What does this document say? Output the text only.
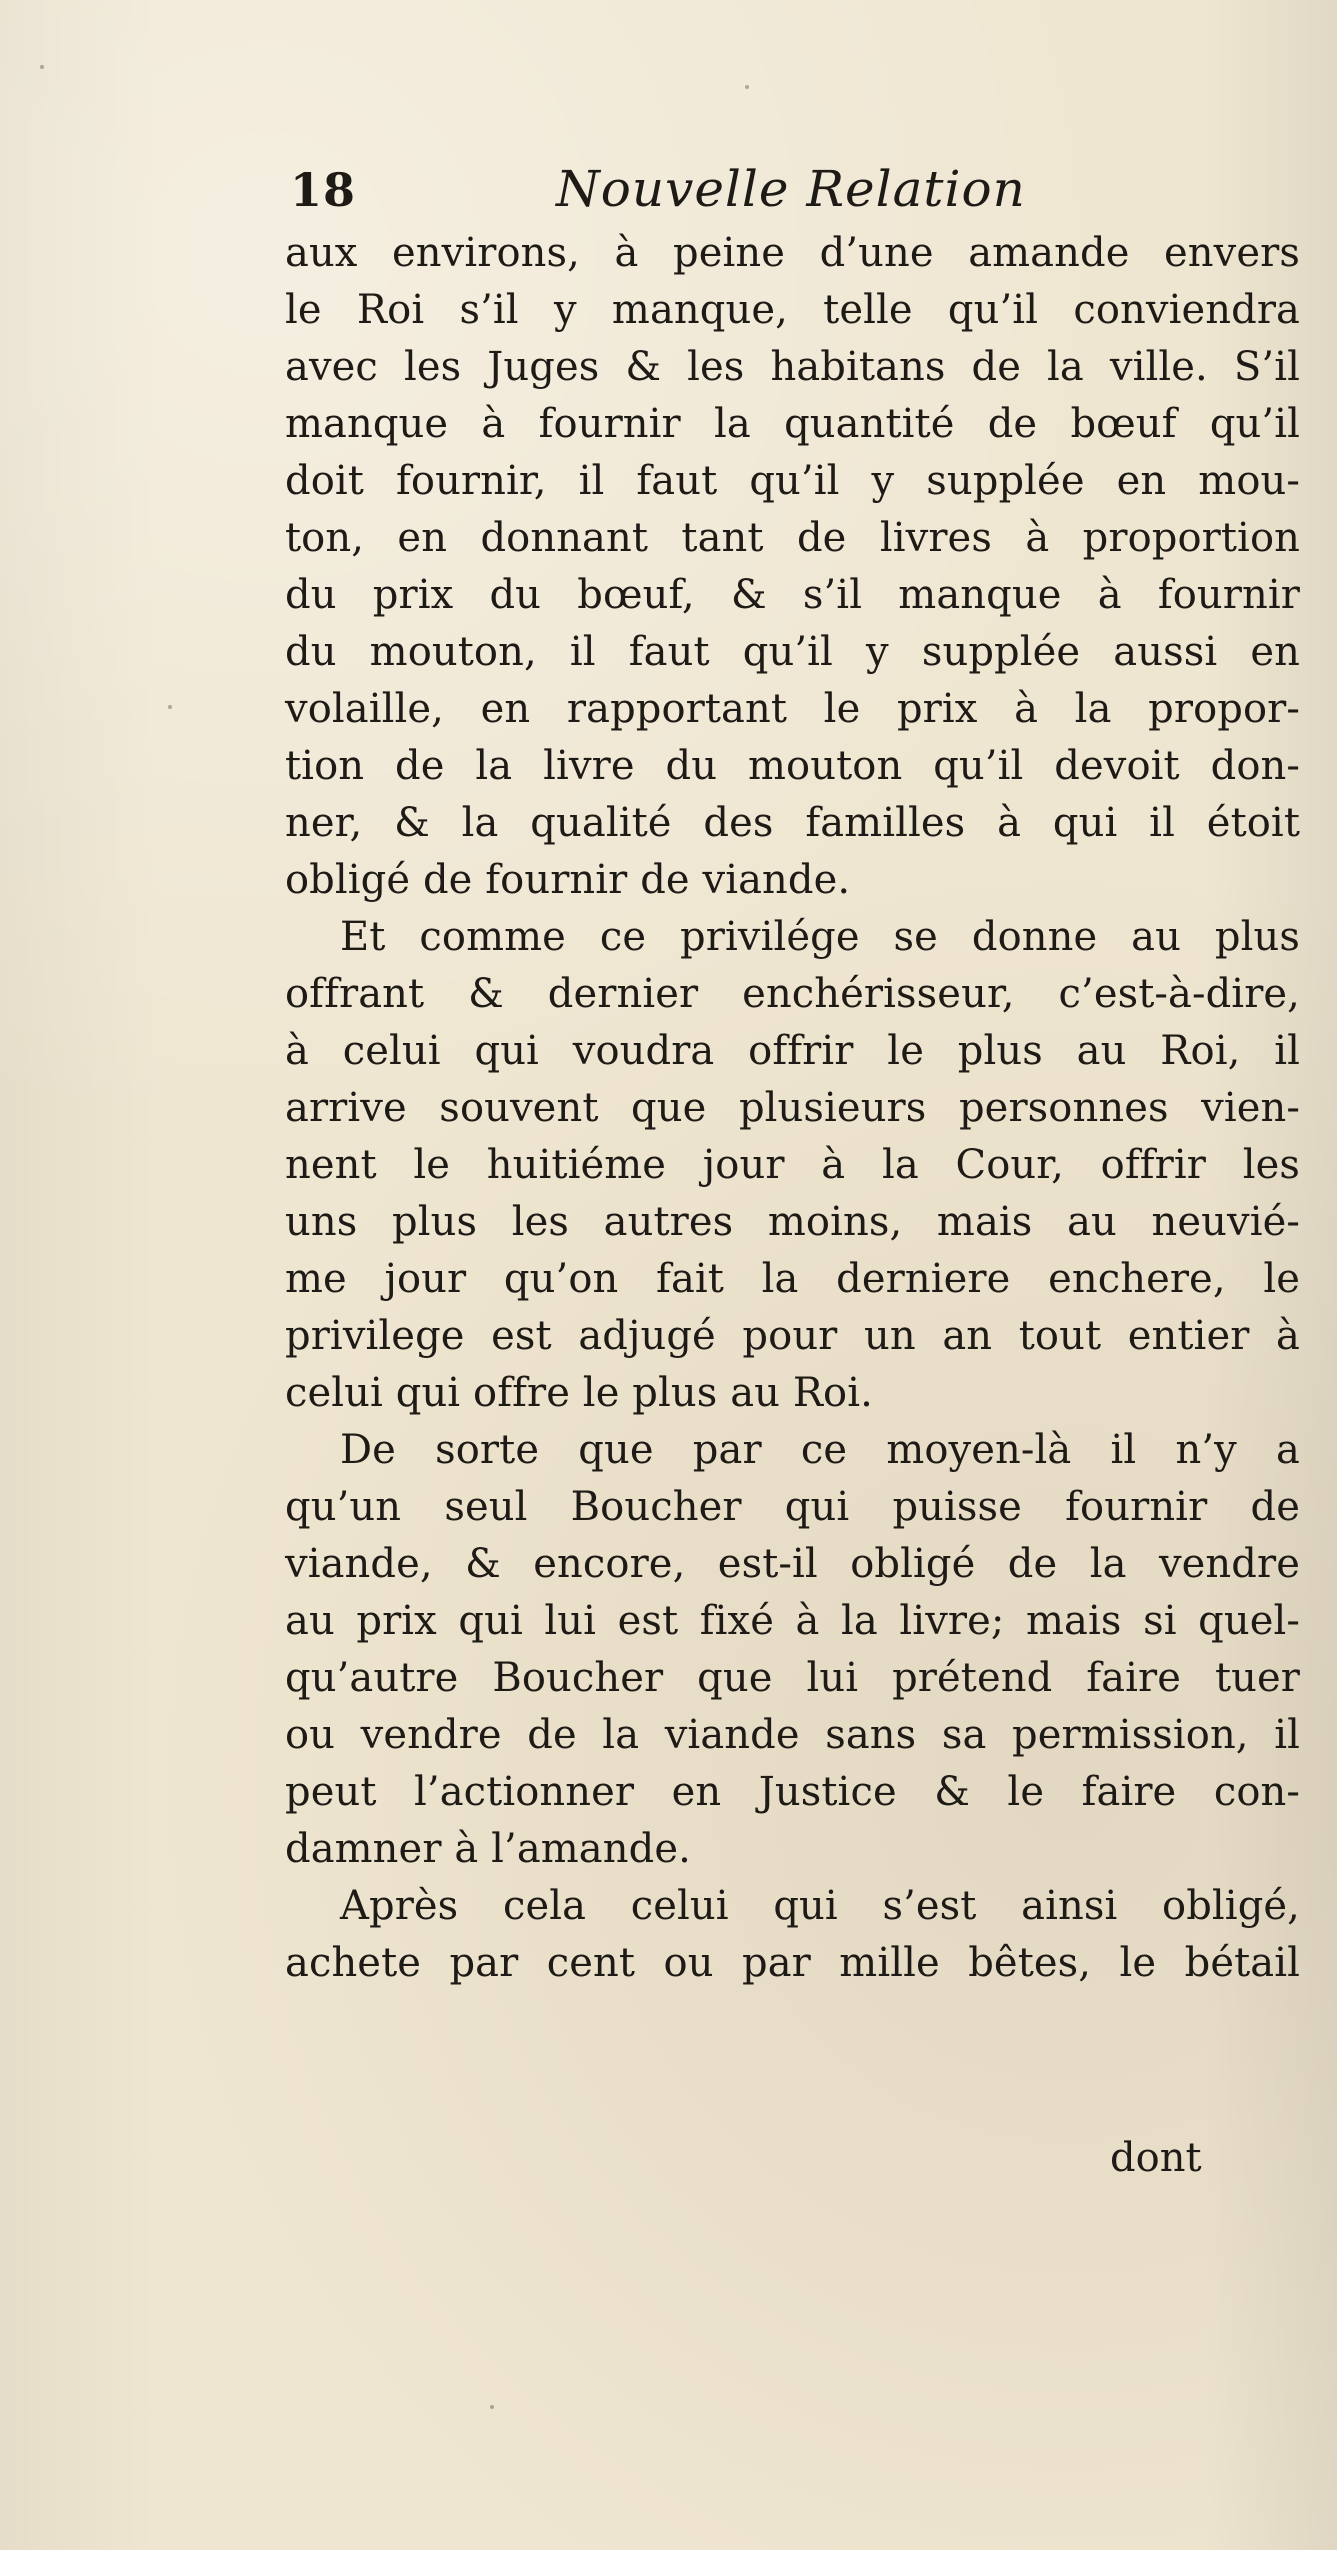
18	Nouvelle Relation
aux environs, à peine d’une amande envers
le Roi s’il y manque, telle qu’il conviendra
avec les Juges & les habitans de la ville. S’il
manque à fournir la quantité de bœuf qu’il
doit fournir, il faut qu’il y supplée en mou-
ton, en donnant tant de livres à proportion
du prix du bœuf, & s’il manque à fournir
du mouton, il faut qu’il y supplée aussi en
volaille, en rapportant le prix à la propor-
tion de la livre du mouton qu’il devoit don-
ner, & la qualité des familles à qui il étoit
obligé de fournir de viande.
Et comme ce privilége se donne au plus
offrant & dernier enchérisseur, c’est-à-dire,
à celui qui voudra offrir le plus au Roi, il
arrive souvent que plusieurs personnes vien-
nent le huitiéme jour à la Cour, offrir les
uns plus les autres moins, mais au neuvié-
me jour qu’on fait la derniere enchere, le
privilege est adjugé pour un an tout entier à
celui qui offre le plus au Roi.
De sorte que par ce moyen-là il n’y a
qu’un seul Boucher qui puisse fournir de
viande, & encore, est-il obligé de la vendre
au prix qui lui est fixé à la livre; mais si quel-
qu’autre Boucher que lui prétend faire tuer
ou vendre de la viande sans sa permission, il
peut l’actionner en Justice & le faire con-
damner à l’amande.
Après cela celui qui s’est ainsi obligé,
achete par cent ou par mille bêtes, le bétail
dont
